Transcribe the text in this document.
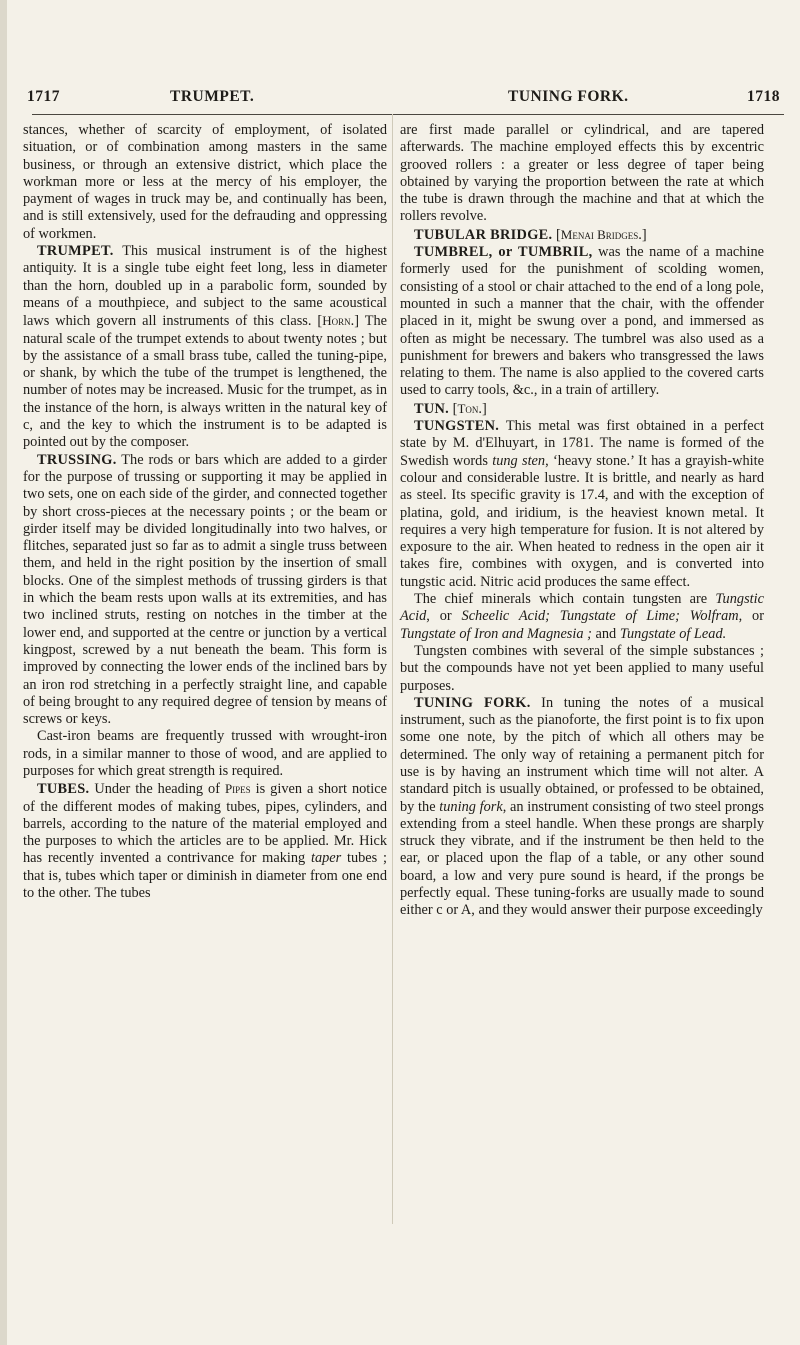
1717	TRUMPET.	TUNING FORK.	1718

stances, whether of scarcity of employment, of isolated situation, or of combination among masters in the same business, or through an extensive district, which place the workman more or less at the mercy of his employer, the payment of wages in truck may be, and continually has been, and is still extensively, used for the defrauding and oppressing of workmen.

TRUMPET. This musical instrument is of the highest antiquity. It is a single tube eight feet long, less in diameter than the horn, doubled up in a parabolic form, sounded by means of a mouthpiece, and subject to the same acoustical laws which govern all instruments of this class. [Horn.] The natural scale of the trumpet extends to about twenty notes ; but by the assistance of a small brass tube, called the tuning-pipe, or shank, by which the tube of the trumpet is lengthened, the number of notes may be increased. Music for the trumpet, as in the instance of the horn, is always written in the natural key of c, and the key to which the instrument is to be adapted is pointed out by the composer.

TRUSSING. The rods or bars which are added to a girder for the purpose of trussing or supporting it may be applied in two sets, one on each side of the girder, and connected together by short cross-pieces at the necessary points ; or the beam or girder itself may be divided longitudinally into two halves, or flitches, separated just so far as to admit a single truss between them, and held in the right position by the insertion of small blocks. One of the simplest methods of trussing girders is that in which the beam rests upon walls at its extremities, and has two inclined struts, resting on notches in the timber at the lower end, and supported at the centre or junction by a vertical kingpost, screwed by a nut beneath the beam. This form is improved by connecting the lower ends of the inclined bars by an iron rod stretching in a perfectly straight line, and capable of being brought to any required degree of tension by means of screws or keys.

Cast-iron beams are frequently trussed with wrought-iron rods, in a similar manner to those of wood, and are applied to purposes for which great strength is required.

TUBES. Under the heading of Pipes is given a short notice of the different modes of making tubes, pipes, cylinders, and barrels, according to the nature of the material employed and the purposes to which the articles are to be applied. Mr. Hick has recently invented a contrivance for making taper tubes ; that is, tubes which taper or diminish in diameter from one end to the other. The tubes

are first made parallel or cylindrical, and are tapered afterwards. The machine employed effects this by excentric grooved rollers : a greater or less degree of taper being obtained by varying the proportion between the rate at which the tube is drawn through the machine and that at which the rollers revolve.

TUBULAR BRIDGE. [Menai Bridges.]

TUMBREL, or TUMBRIL, was the name of a machine formerly used for the punishment of scolding women, consisting of a stool or chair attached to the end of a long pole, mounted in such a manner that the chair, with the offender placed in it, might be swung over a pond, and immersed as often as might be necessary. The tumbrel was also used as a punishment for brewers and bakers who transgressed the laws relating to them. The name is also applied to the covered carts used to carry tools, &c., in a train of artillery.

TUN. [Ton.]

TUNGSTEN. This metal was first obtained in a perfect state by M. d'Elhuyart, in 1781. The name is formed of the Swedish words tung sten, ‘heavy stone.’ It has a grayish-white colour and considerable lustre. It is brittle, and nearly as hard as steel. Its specific gravity is 17.4, and with the exception of platina, gold, and iridium, is the heaviest known metal. It requires a very high temperature for fusion. It is not altered by exposure to the air. When heated to redness in the open air it takes fire, combines with oxygen, and is converted into tungstic acid. Nitric acid produces the same effect.

The chief minerals which contain tungsten are Tungstic Acid, or Scheelic Acid; Tungstate of Lime; Wolfram, or Tungstate of Iron and Magnesia ; and Tungstate of Lead.

Tungsten combines with several of the simple substances ; but the compounds have not yet been applied to many useful purposes.

TUNING FORK. In tuning the notes of a musical instrument, such as the pianoforte, the first point is to fix upon some one note, by the pitch of which all others may be determined. The only way of retaining a permanent pitch for use is by having an instrument which time will not alter. A standard pitch is usually obtained, or professed to be obtained, by the tuning fork, an instrument consisting of two steel prongs extending from a steel handle. When these prongs are sharply struck they vibrate, and if the instrument be then held to the ear, or placed upon the flap of a table, or any other sound board, a low and very pure sound is heard, if the prongs be perfectly equal. These tuning-forks are usually made to sound either c or A, and they would answer their purpose exceedingly
